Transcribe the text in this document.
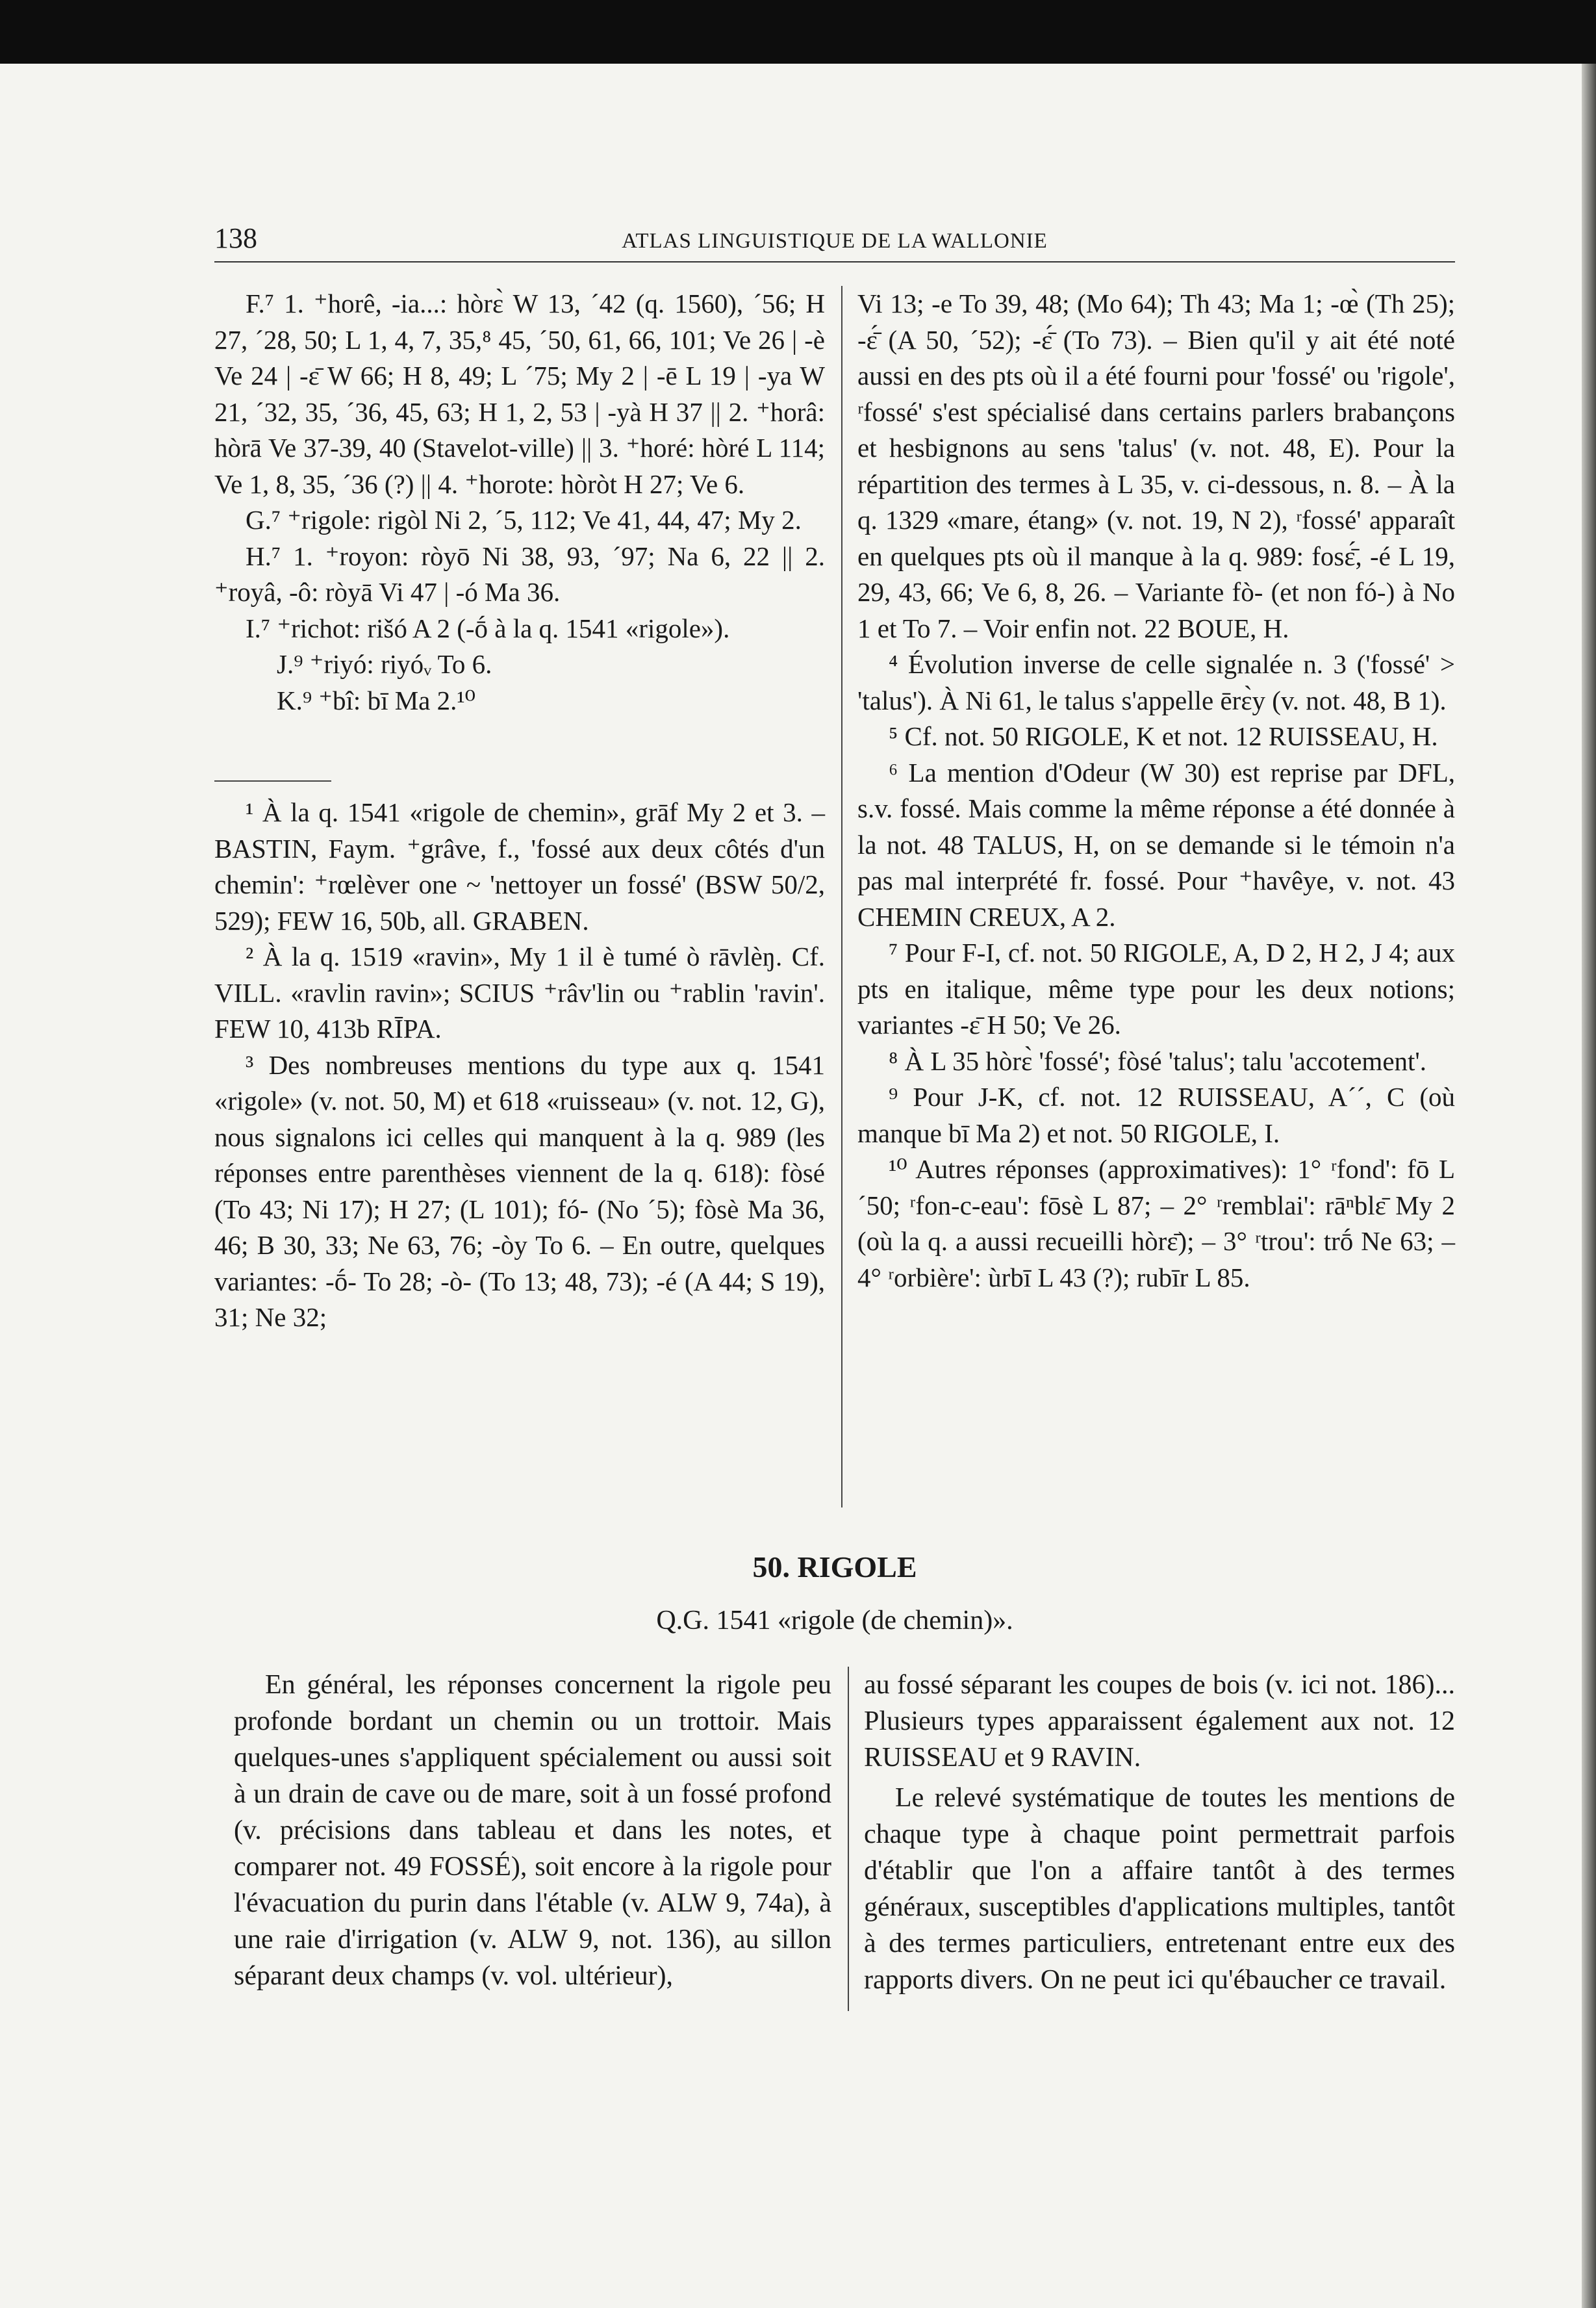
138	ATLAS LINGUISTIQUE DE LA WALLONIE

F.⁷ 1. ⁺horê, -ia...: hòrɛ̀ W 13, ´42 (q. 1560), ´56; H 27, ´28, 50; L 1, 4, 7, 35,⁸ 45, ´50, 61, 66, 101; Ve 26 | -è Ve 24 | -ɛ̄ W 66; H 8, 49; L ´75; My 2 | -ē L 19 | -ya W 21, ´32, 35, ´36, 45, 63; H 1, 2, 53 | -yà H 37 || 2. ⁺horâ: hòrā Ve 37-39, 40 (Stavelot-ville) || 3. ⁺horé: hòré L 114; Ve 1, 8, 35, ´36 (?) || 4. ⁺horote: hòròt H 27; Ve 6.

G.⁷ ⁺rigole: rigòl Ni 2, ´5, 112; Ve 41, 44, 47; My 2.

H.⁷ 1. ⁺royon: ròyō Ni 38, 93, ´97; Na 6, 22 || 2. ⁺royâ, -ô: ròyā Vi 47 | -ó Ma 36.

I.⁷ ⁺richot: rišó A 2 (-ṓ à la q. 1541 «rigole»).

J.⁹ ⁺riyó: riyóᵥ To 6.

K.⁹ ⁺bî: bī Ma 2.¹⁰

¹ À la q. 1541 «rigole de chemin», grāf My 2 et 3. – BASTIN, Faym. ⁺grâve, f., 'fossé aux deux côtés d'un chemin': ⁺rœlèver one ~ 'nettoyer un fossé' (BSW 50/2, 529); FEW 16, 50b, all. GRABEN.

² À la q. 1519 «ravin», My 1 il è tumé ò rāvlèŋ. Cf. VILL. «ravlin ravin»; SCIUS ⁺râv'lin ou ⁺rablin 'ravin'. FEW 10, 413b RĪPA.

³ Des nombreuses mentions du type aux q. 1541 «rigole» (v. not. 50, M) et 618 «ruisseau» (v. not. 12, G), nous signalons ici celles qui manquent à la q. 989 (les réponses entre parenthèses viennent de la q. 618): fòsé (To 43; Ni 17); H 27; (L 101); fó- (No ´5); fòsè Ma 36, 46; B 30, 33; Ne 63, 76; -òy To 6. – En outre, quelques variantes: -ṓ- To 28; -ò- (To 13; 48, 73); -é (A 44; S 19), 31; Ne 32;

Vi 13; -e To 39, 48; (Mo 64); Th 43; Ma 1; -œ̀ (Th 25); -ɛ̄́ (A 50, ´52); -ɛ̄́ (To 73). – Bien qu'il y ait été noté aussi en des pts où il a été fourni pour 'fossé' ou 'rigole', ʳfossé' s'est spécialisé dans certains parlers brabançons et hesbignons au sens 'talus' (v. not. 48, E). Pour la répartition des termes à L 35, v. ci-dessous, n. 8. – À la q. 1329 «mare, étang» (v. not. 19, N 2), ʳfossé' apparaît en quelques pts où il manque à la q. 989: fosɛ̄́, -é L 19, 29, 43, 66; Ve 6, 8, 26. – Variante fò- (et non fó-) à No 1 et To 7. – Voir enfin not. 22 BOUE, H.

⁴ Évolution inverse de celle signalée n. 3 ('fossé' > 'talus'). À Ni 61, le talus s'appelle ērɛ̀y (v. not. 48, B 1).

⁵ Cf. not. 50 RIGOLE, K et not. 12 RUISSEAU, H.

⁶ La mention d'Odeur (W 30) est reprise par DFL, s.v. fossé. Mais comme la même réponse a été donnée à la not. 48 TALUS, H, on se demande si le témoin n'a pas mal interprété fr. fossé. Pour ⁺havêye, v. not. 43 CHEMIN CREUX, A 2.

⁷ Pour F-I, cf. not. 50 RIGOLE, A, D 2, H 2, J 4; aux pts en italique, même type pour les deux notions; variantes -ɛ̄ H 50; Ve 26.

⁸ À L 35 hòrɛ̀ 'fossé'; fòsé 'talus'; talu 'accotement'.

⁹ Pour J-K, cf. not. 12 RUISSEAU, A´´, C (où manque bī Ma 2) et not. 50 RIGOLE, I.

¹⁰ Autres réponses (approximatives): 1° ʳfond': fō L ´50; ʳfon-c-eau': fōsè L 87; – 2° ʳremblai': rāⁿblɛ̄ My 2 (où la q. a aussi recueilli hòrɛ̄); – 3° ʳtrou': trṓ Ne 63; – 4° ʳorbière': ùrbī L 43 (?); rubīr L 85.

50. RIGOLE
Q.G. 1541 «rigole (de chemin)».

En général, les réponses concernent la rigole peu profonde bordant un chemin ou un trottoir. Mais quelques-unes s'appliquent spécialement ou aussi soit à un drain de cave ou de mare, soit à un fossé profond (v. précisions dans tableau et dans les notes, et comparer not. 49 FOSSÉ), soit encore à la rigole pour l'évacuation du purin dans l'étable (v. ALW 9, 74a), à une raie d'irrigation (v. ALW 9, not. 136), au sillon séparant deux champs (v. vol. ultérieur),

au fossé séparant les coupes de bois (v. ici not. 186)... Plusieurs types apparaissent également aux not. 12 RUISSEAU et 9 RAVIN.

Le relevé systématique de toutes les mentions de chaque type à chaque point permettrait parfois d'établir que l'on a affaire tantôt à des termes généraux, susceptibles d'applications multiples, tantôt à des termes particuliers, entretenant entre eux des rapports divers. On ne peut ici qu'ébaucher ce travail.
